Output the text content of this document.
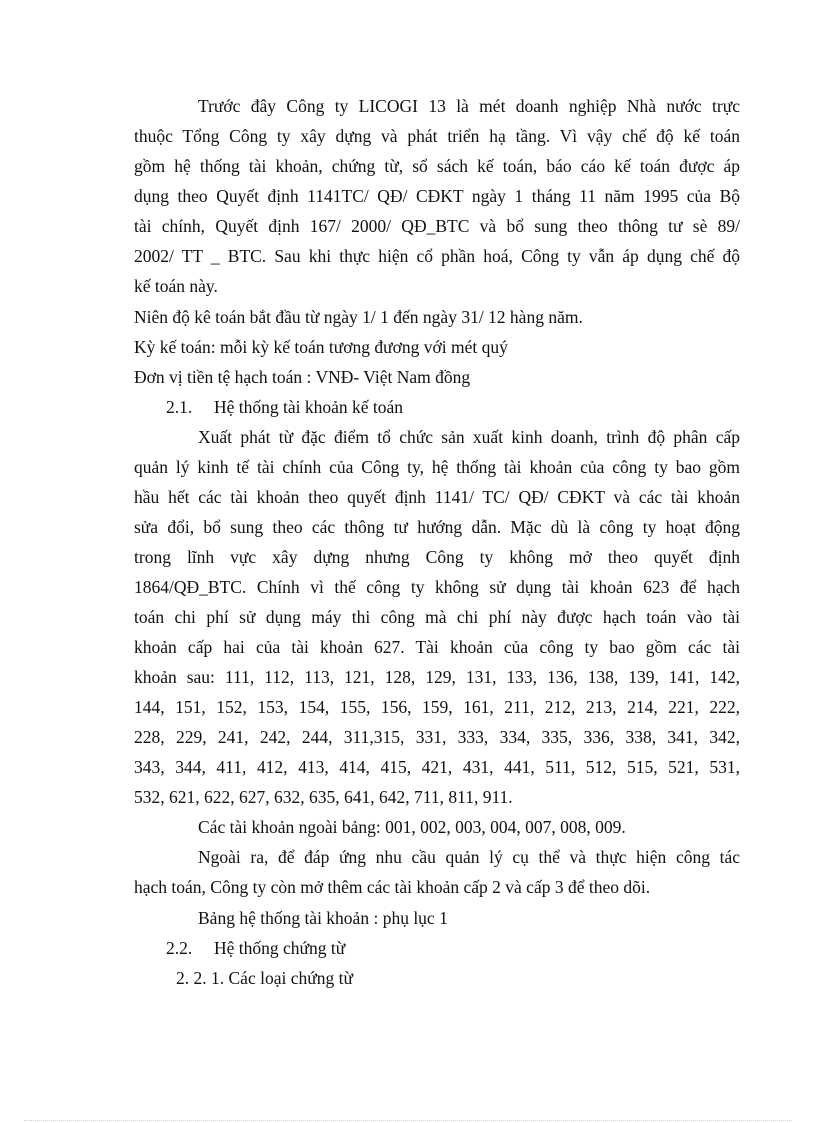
Trước đây Công ty LICOGI 13 là mét doanh nghiệp Nhà nước trực
thuộc Tổng Công ty xây dựng và phát triển hạ tầng. Vì vậy chế độ kế toán
gồm hệ thống tài khoản, chứng từ, sổ sách kế toán, báo cáo kế toán được áp
dụng theo Quyết định 1141TC/ QĐ/ CĐKT ngày 1 tháng 11 năm 1995 của Bộ
tài chính, Quyết định 167/ 2000/ QĐ_BTC và bổ sung theo thông tư sè 89/
2002/ TT _ BTC. Sau khi thực hiện cổ phần hoá, Công ty vẫn áp dụng chế độ
kế toán này.
Niên độ kê toán bắt đầu từ ngày 1/ 1 đến ngày 31/ 12 hàng năm.
Kỳ kế toán: mỗi kỳ kế toán tương đương với mét quý
Đơn vị tiền tệ hạch toán : VNĐ- Việt Nam đồng
2.1.	Hệ thống tài khoản kế toán
Xuất phát từ đặc điểm tổ chức sản xuất kinh doanh, trình độ phân cấp
quản lý kinh tế tài chính của Công ty, hệ thống tài khoản của công ty bao gồm
hầu hết các tài khoản theo quyết định 1141/ TC/ QĐ/ CĐKT và các tài khoản
sửa đổi, bổ sung theo các thông tư hướng dẫn. Mặc dù là công ty hoạt động
trong lĩnh vực xây dựng nhưng Công ty không mở theo quyết định
1864/QĐ_BTC. Chính vì thế công ty không sử dụng tài khoản 623 để hạch
toán chi phí sử dụng máy thi công mà chi phí này được hạch toán vào tài
khoản cấp hai của tài khoản 627. Tài khoản của công ty bao gồm các tài
khoản sau: 111, 112, 113, 121, 128, 129, 131, 133, 136, 138, 139, 141, 142,
144, 151, 152, 153, 154, 155, 156, 159, 161, 211, 212, 213, 214, 221, 222,
228, 229, 241, 242, 244, 311,315, 331, 333, 334, 335, 336, 338, 341, 342,
343, 344, 411, 412, 413, 414, 415, 421, 431, 441, 511, 512, 515, 521, 531,
532, 621, 622, 627, 632, 635, 641, 642, 711, 811, 911.
Các tài khoản ngoài bảng: 001, 002, 003, 004, 007, 008, 009.
Ngoài ra, để đáp ứng nhu cầu quản lý cụ thể và thực hiện công tác
hạch toán, Công ty còn mở thêm các tài khoản cấp 2 và cấp 3 để theo dõi.
Bảng hệ thống tài khoản : phụ lục 1
2.2.	Hệ thống chứng từ
2. 2. 1. Các loại chứng từ
